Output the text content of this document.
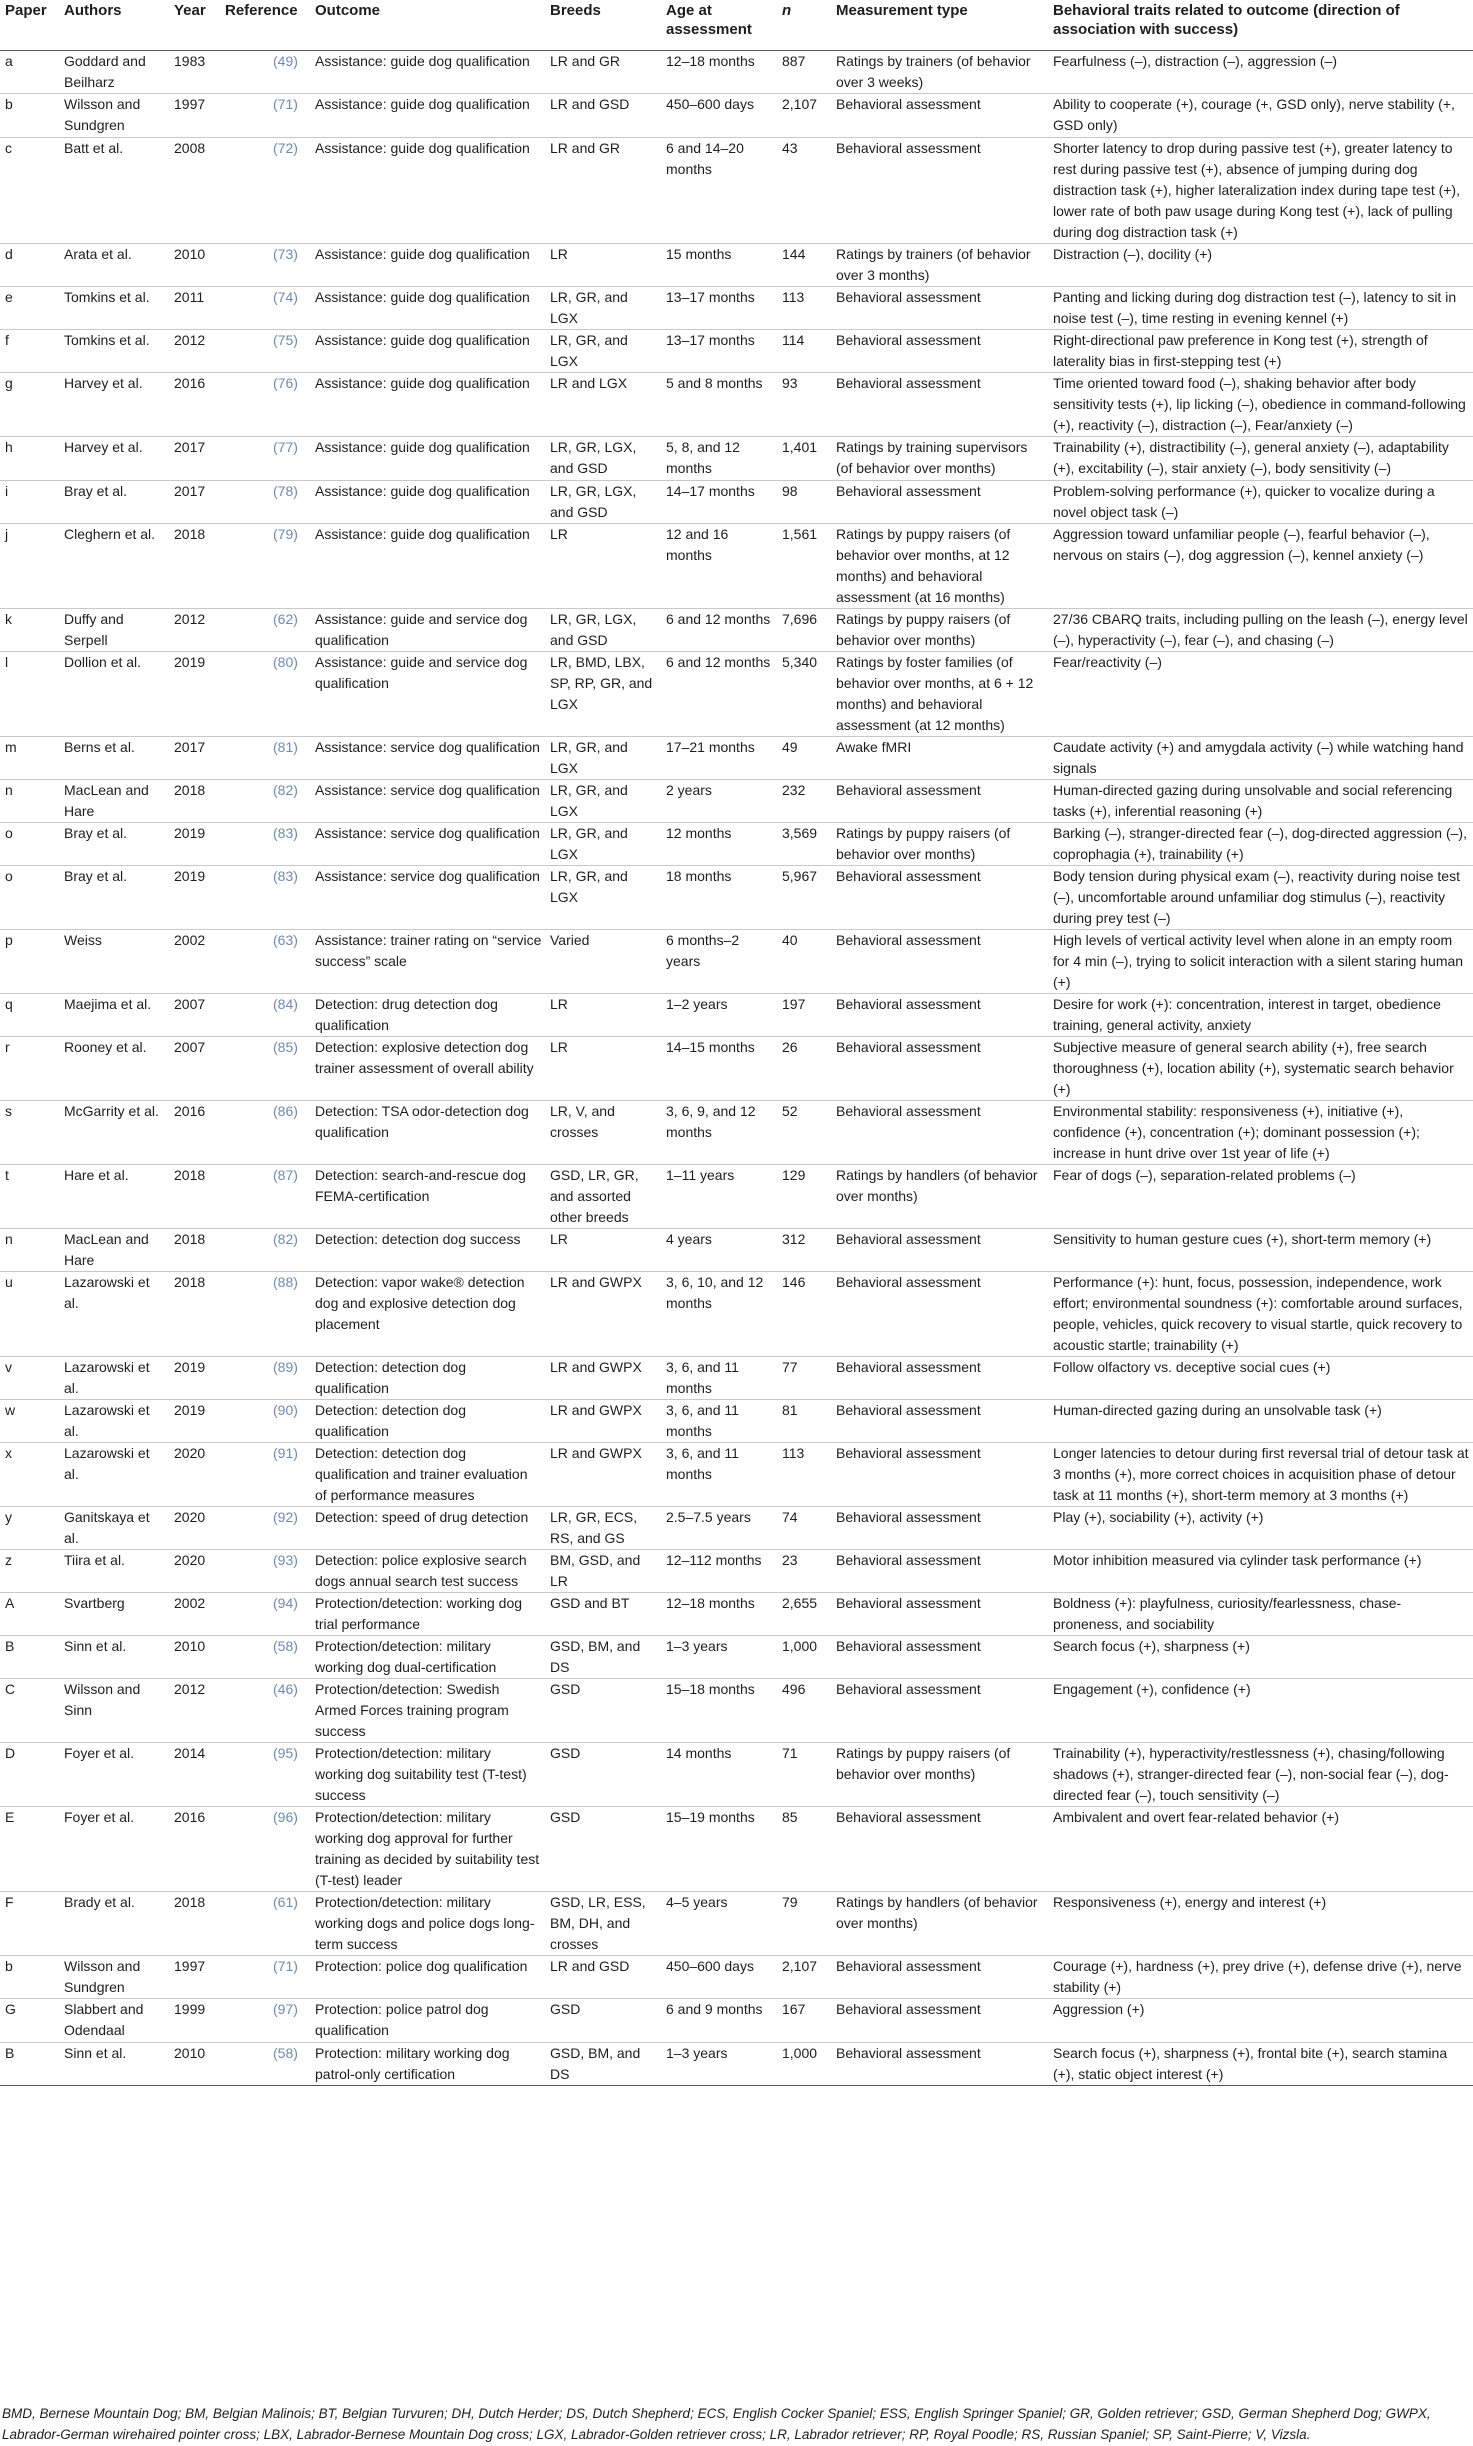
Paper	Authors	Year	Reference	Outcome	Breeds	Age at assessment	n	Measurement type	Behavioral traits related to outcome (direction of association with success)
a	Goddard and Beilharz	1983	(49)	Assistance: guide dog qualification	LR and GR	12–18 months	887	Ratings by trainers (of behavior over 3 weeks)	Fearfulness (–), distraction (–), aggression (–)
b	Wilsson and Sundgren	1997	(71)	Assistance: guide dog qualification	LR and GSD	450–600 days	2,107	Behavioral assessment	Ability to cooperate (+), courage (+, GSD only), nerve stability (+, GSD only)
c	Batt et al.	2008	(72)	Assistance: guide dog qualification	LR and GR	6 and 14–20 months	43	Behavioral assessment	Shorter latency to drop during passive test (+), greater latency to rest during passive test (+), absence of jumping during dog distraction task (+), higher lateralization index during tape test (+), lower rate of both paw usage during Kong test (+), lack of pulling during dog distraction task (+)
d	Arata et al.	2010	(73)	Assistance: guide dog qualification	LR	15 months	144	Ratings by trainers (of behavior over 3 months)	Distraction (–), docility (+)
e	Tomkins et al.	2011	(74)	Assistance: guide dog qualification	LR, GR, and LGX	13–17 months	113	Behavioral assessment	Panting and licking during dog distraction test (–), latency to sit in noise test (–), time resting in evening kennel (+)
f	Tomkins et al.	2012	(75)	Assistance: guide dog qualification	LR, GR, and LGX	13–17 months	114	Behavioral assessment	Right-directional paw preference in Kong test (+), strength of laterality bias in first-stepping test (+)
g	Harvey et al.	2016	(76)	Assistance: guide dog qualification	LR and LGX	5 and 8 months	93	Behavioral assessment	Time oriented toward food (–), shaking behavior after body sensitivity tests (+), lip licking (–), obedience in command-following (+), reactivity (–), distraction (–), Fear/anxiety (–)
h	Harvey et al.	2017	(77)	Assistance: guide dog qualification	LR, GR, LGX, and GSD	5, 8, and 12 months	1,401	Ratings by training supervisors (of behavior over months)	Trainability (+), distractibility (–), general anxiety (–), adaptability (+), excitability (–), stair anxiety (–), body sensitivity (–)
i	Bray et al.	2017	(78)	Assistance: guide dog qualification	LR, GR, LGX, and GSD	14–17 months	98	Behavioral assessment	Problem-solving performance (+), quicker to vocalize during a novel object task (–)
j	Cleghern et al.	2018	(79)	Assistance: guide dog qualification	LR	12 and 16 months	1,561	Ratings by puppy raisers (of behavior over months, at 12 months) and behavioral assessment (at 16 months)	Aggression toward unfamiliar people (–), fearful behavior (–), nervous on stairs (–), dog aggression (–), kennel anxiety (–)
k	Duffy and Serpell	2012	(62)	Assistance: guide and service dog qualification	LR, GR, LGX, and GSD	6 and 12 months	7,696	Ratings by puppy raisers (of behavior over months)	27/36 CBARQ traits, including pulling on the leash (–), energy level (–), hyperactivity (–), fear (–), and chasing (–)
l	Dollion et al.	2019	(80)	Assistance: guide and service dog qualification	LR, BMD, LBX, SP, RP, GR, and LGX	6 and 12 months	5,340	Ratings by foster families (of behavior over months, at 6 + 12 months) and behavioral assessment (at 12 months)	Fear/reactivity (–)
m	Berns et al.	2017	(81)	Assistance: service dog qualification	LR, GR, and LGX	17–21 months	49	Awake fMRI	Caudate activity (+) and amygdala activity (–) while watching hand signals
n	MacLean and Hare	2018	(82)	Assistance: service dog qualification	LR, GR, and LGX	2 years	232	Behavioral assessment	Human-directed gazing during unsolvable and social referencing tasks (+), inferential reasoning (+)
o	Bray et al.	2019	(83)	Assistance: service dog qualification	LR, GR, and LGX	12 months	3,569	Ratings by puppy raisers (of behavior over months)	Barking (–), stranger-directed fear (–), dog-directed aggression (–), coprophagia (+), trainability (+)
o	Bray et al.	2019	(83)	Assistance: service dog qualification	LR, GR, and LGX	18 months	5,967	Behavioral assessment	Body tension during physical exam (–), reactivity during noise test (–), uncomfortable around unfamiliar dog stimulus (–), reactivity during prey test (–)
p	Weiss	2002	(63)	Assistance: trainer rating on “service success” scale	Varied	6 months–2 years	40	Behavioral assessment	High levels of vertical activity level when alone in an empty room for 4 min (–), trying to solicit interaction with a silent staring human (+)
q	Maejima et al.	2007	(84)	Detection: drug detection dog qualification	LR	1–2 years	197	Behavioral assessment	Desire for work (+): concentration, interest in target, obedience training, general activity, anxiety
r	Rooney et al.	2007	(85)	Detection: explosive detection dog trainer assessment of overall ability	LR	14–15 months	26	Behavioral assessment	Subjective measure of general search ability (+), free search thoroughness (+), location ability (+), systematic search behavior (+)
s	McGarrity et al.	2016	(86)	Detection: TSA odor-detection dog qualification	LR, V, and crosses	3, 6, 9, and 12 months	52	Behavioral assessment	Environmental stability: responsiveness (+), initiative (+), confidence (+), concentration (+); dominant possession (+); increase in hunt drive over 1st year of life (+)
t	Hare et al.	2018	(87)	Detection: search-and-rescue dog FEMA-certification	GSD, LR, GR, and assorted other breeds	1–11 years	129	Ratings by handlers (of behavior over months)	Fear of dogs (–), separation-related problems (–)
n	MacLean and Hare	2018	(82)	Detection: detection dog success	LR	4 years	312	Behavioral assessment	Sensitivity to human gesture cues (+), short-term memory (+)
u	Lazarowski et al.	2018	(88)	Detection: vapor wake® detection dog and explosive detection dog placement	LR and GWPX	3, 6, 10, and 12 months	146	Behavioral assessment	Performance (+): hunt, focus, possession, independence, work effort; environmental soundness (+): comfortable around surfaces, people, vehicles, quick recovery to visual startle, quick recovery to acoustic startle; trainability (+)
v	Lazarowski et al.	2019	(89)	Detection: detection dog qualification	LR and GWPX	3, 6, and 11 months	77	Behavioral assessment	Follow olfactory vs. deceptive social cues (+)
w	Lazarowski et al.	2019	(90)	Detection: detection dog qualification	LR and GWPX	3, 6, and 11 months	81	Behavioral assessment	Human-directed gazing during an unsolvable task (+)
x	Lazarowski et al.	2020	(91)	Detection: detection dog qualification and trainer evaluation of performance measures	LR and GWPX	3, 6, and 11 months	113	Behavioral assessment	Longer latencies to detour during first reversal trial of detour task at 3 months (+), more correct choices in acquisition phase of detour task at 11 months (+), short-term memory at 3 months (+)
y	Ganitskaya et al.	2020	(92)	Detection: speed of drug detection	LR, GR, ECS, RS, and GS	2.5–7.5 years	74	Behavioral assessment	Play (+), sociability (+), activity (+)
z	Tiira et al.	2020	(93)	Detection: police explosive search dogs annual search test success	BM, GSD, and LR	12–112 months	23	Behavioral assessment	Motor inhibition measured via cylinder task performance (+)
A	Svartberg	2002	(94)	Protection/detection: working dog trial performance	GSD and BT	12–18 months	2,655	Behavioral assessment	Boldness (+): playfulness, curiosity/fearlessness, chase-proneness, and sociability
B	Sinn et al.	2010	(58)	Protection/detection: military working dog dual-certification	GSD, BM, and DS	1–3 years	1,000	Behavioral assessment	Search focus (+), sharpness (+)
C	Wilsson and Sinn	2012	(46)	Protection/detection: Swedish Armed Forces training program success	GSD	15–18 months	496	Behavioral assessment	Engagement (+), confidence (+)
D	Foyer et al.	2014	(95)	Protection/detection: military working dog suitability test (T-test) success	GSD	14 months	71	Ratings by puppy raisers (of behavior over months)	Trainability (+), hyperactivity/restlessness (+), chasing/following shadows (+), stranger-directed fear (–), non-social fear (–), dog-directed fear (–), touch sensitivity (–)
E	Foyer et al.	2016	(96)	Protection/detection: military working dog approval for further training as decided by suitability test (T-test) leader	GSD	15–19 months	85	Behavioral assessment	Ambivalent and overt fear-related behavior (+)
F	Brady et al.	2018	(61)	Protection/detection: military working dogs and police dogs long-term success	GSD, LR, ESS, BM, DH, and crosses	4–5 years	79	Ratings by handlers (of behavior over months)	Responsiveness (+), energy and interest (+)
b	Wilsson and Sundgren	1997	(71)	Protection: police dog qualification	LR and GSD	450–600 days	2,107	Behavioral assessment	Courage (+), hardness (+), prey drive (+), defense drive (+), nerve stability (+)
G	Slabbert and Odendaal	1999	(97)	Protection: police patrol dog qualification	GSD	6 and 9 months	167	Behavioral assessment	Aggression (+)
B	Sinn et al.	2010	(58)	Protection: military working dog patrol-only certification	GSD, BM, and DS	1–3 years	1,000	Behavioral assessment	Search focus (+), sharpness (+), frontal bite (+), search stamina (+), static object interest (+)
BMD, Bernese Mountain Dog; BM, Belgian Malinois; BT, Belgian Turvuren; DH, Dutch Herder; DS, Dutch Shepherd; ECS, English Cocker Spaniel; ESS, English Springer Spaniel; GR, Golden retriever; GSD, German Shepherd Dog; GWPX, Labrador-German wirehaired pointer cross; LBX, Labrador-Bernese Mountain Dog cross; LGX, Labrador-Golden retriever cross; LR, Labrador retriever; RP, Royal Poodle; RS, Russian Spaniel; SP, Saint-Pierre; V, Vizsla.
